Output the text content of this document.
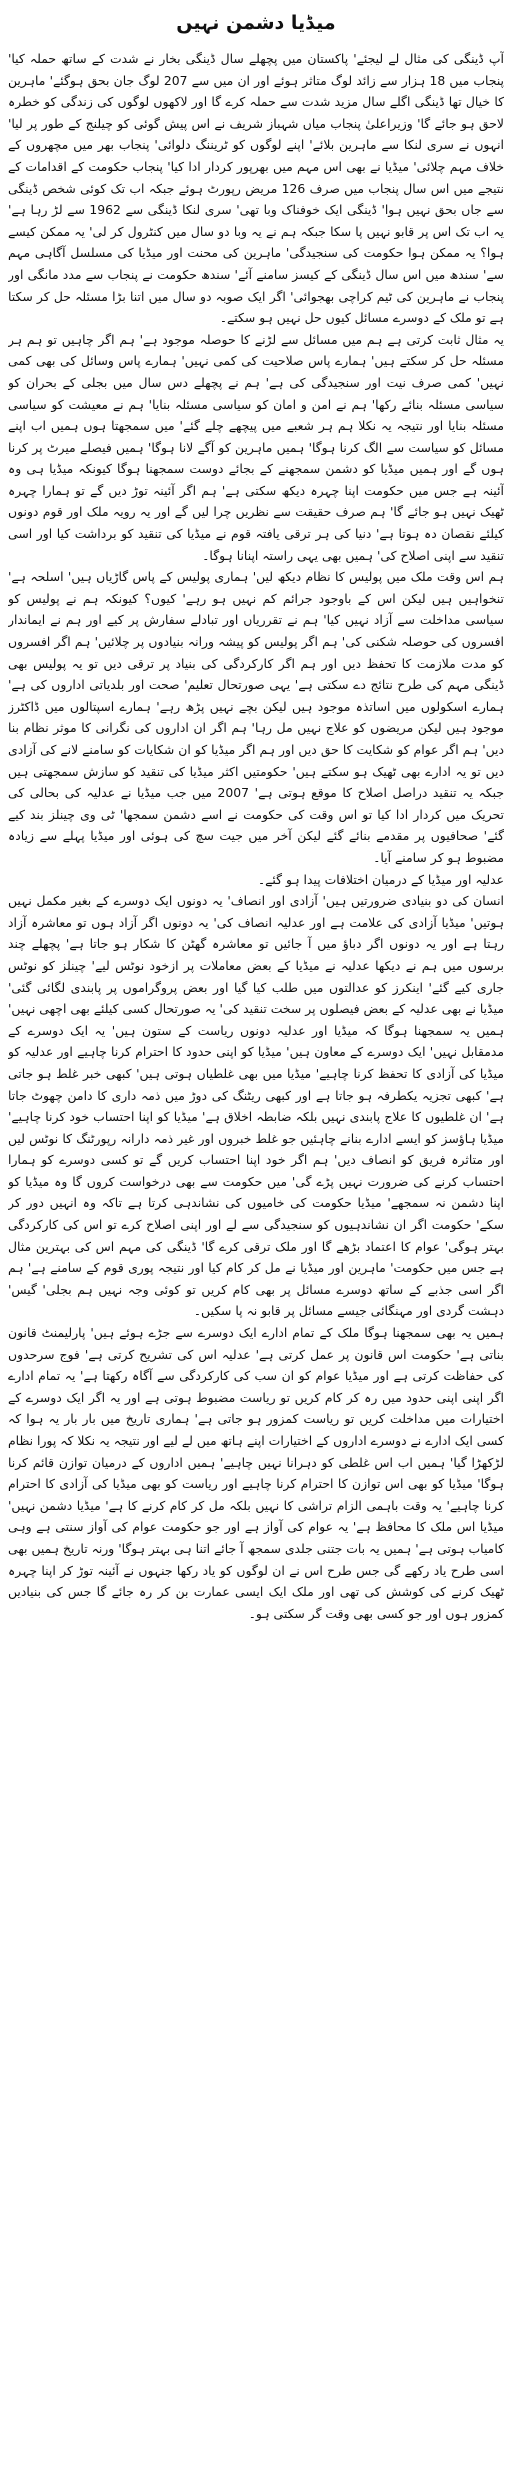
میڈیا دشمن نہیں

آپ ڈینگی کی مثال لے لیجئے' پاکستان میں پچھلے سال ڈینگی بخار نے شدت کے ساتھ حملہ کیا' پنجاب میں 18 ہزار سے زائد لوگ متاثر ہوئے اور ان میں سے 207 لوگ جان بحق ہوگئے' ماہرین کا خیال تھا ڈینگی اگلے سال مزید شدت سے حملہ کرے گا اور لاکھوں لوگوں کی زندگی کو خطرہ لاحق ہو جائے گا' وزیراعلیٰ پنجاب میاں شہباز شریف نے اس پیش گوئی کو چیلنج کے طور پر لیا' انہوں نے سری لنکا سے ماہرین بلائے' اپنے لوگوں کو ٹریننگ دلوائی' پنجاب بھر میں مچھروں کے خلاف مہم چلائی' میڈیا نے بھی اس مہم میں بھرپور کردار ادا کیا' پنجاب حکومت کے اقدامات کے نتیجے میں اس سال پنجاب میں صرف 126 مریض رپورٹ ہوئے جبکہ اب تک کوئی شخص ڈینگی سے جاں بحق نہیں ہوا' ڈینگی ایک خوفناک وبا تھی' سری لنکا ڈینگی سے 1962 سے لڑ رہا ہے' یہ اب تک اس پر قابو نہیں پا سکا جبکہ ہم نے یہ وبا دو سال میں کنٹرول کر لی' یہ ممکن کیسے ہوا؟ یہ ممکن ہوا حکومت کی سنجیدگی' ماہرین کی محنت اور میڈیا کی مسلسل آگاہی مہم سے' سندھ میں اس سال ڈینگی کے کیسز سامنے آئے' سندھ حکومت نے پنجاب سے مدد مانگی اور پنجاب نے ماہرین کی ٹیم کراچی بھجوائی' اگر ایک صوبہ دو سال میں اتنا بڑا مسئلہ حل کر سکتا ہے تو ملک کے دوسرے مسائل کیوں حل نہیں ہو سکتے۔

یہ مثال ثابت کرتی ہے ہم میں مسائل سے لڑنے کا حوصلہ موجود ہے' ہم اگر چاہیں تو ہم ہر مسئلہ حل کر سکتے ہیں' ہمارے پاس صلاحیت کی کمی نہیں' ہمارے پاس وسائل کی بھی کمی نہیں' کمی صرف نیت اور سنجیدگی کی ہے' ہم نے پچھلے دس سال میں بجلی کے بحران کو سیاسی مسئلہ بنائے رکھا' ہم نے امن و امان کو سیاسی مسئلہ بنایا' ہم نے معیشت کو سیاسی مسئلہ بنایا اور نتیجہ یہ نکلا ہم ہر شعبے میں پیچھے چلے گئے' میں سمجھتا ہوں ہمیں اب اپنے مسائل کو سیاست سے الگ کرنا ہوگا' ہمیں ماہرین کو آگے لانا ہوگا' ہمیں فیصلے میرٹ پر کرنا ہوں گے اور ہمیں میڈیا کو دشمن سمجھنے کے بجائے دوست سمجھنا ہوگا کیونکہ میڈیا ہی وہ آئینہ ہے جس میں حکومت اپنا چہرہ دیکھ سکتی ہے' ہم اگر آئینہ توڑ دیں گے تو ہمارا چہرہ ٹھیک نہیں ہو جائے گا' ہم صرف حقیقت سے نظریں چرا لیں گے اور یہ رویہ ملک اور قوم دونوں کیلئے نقصان دہ ہوتا ہے' دنیا کی ہر ترقی یافتہ قوم نے میڈیا کی تنقید کو برداشت کیا اور اسی تنقید سے اپنی اصلاح کی' ہمیں بھی یہی راستہ اپنانا ہوگا۔

ہم اس وقت ملک میں پولیس کا نظام دیکھ لیں' ہماری پولیس کے پاس گاڑیاں ہیں' اسلحہ ہے' تنخواہیں ہیں لیکن اس کے باوجود جرائم کم نہیں ہو رہے' کیوں؟ کیونکہ ہم نے پولیس کو سیاسی مداخلت سے آزاد نہیں کیا' ہم نے تقرریاں اور تبادلے سفارش پر کیے اور ہم نے ایماندار افسروں کی حوصلہ شکنی کی' ہم اگر پولیس کو پیشہ ورانہ بنیادوں پر چلائیں' ہم اگر افسروں کو مدت ملازمت کا تحفظ دیں اور ہم اگر کارکردگی کی بنیاد پر ترقی دیں تو یہ پولیس بھی ڈینگی مہم کی طرح نتائج دے سکتی ہے' یہی صورتحال تعلیم' صحت اور بلدیاتی اداروں کی ہے' ہمارے اسکولوں میں اساتذہ موجود ہیں لیکن بچے نہیں پڑھ رہے' ہمارے اسپتالوں میں ڈاکٹرز موجود ہیں لیکن مریضوں کو علاج نہیں مل رہا' ہم اگر ان اداروں کی نگرانی کا موثر نظام بنا دیں' ہم اگر عوام کو شکایت کا حق دیں اور ہم اگر میڈیا کو ان شکایات کو سامنے لانے کی آزادی دیں تو یہ ادارے بھی ٹھیک ہو سکتے ہیں' حکومتیں اکثر میڈیا کی تنقید کو سازش سمجھتی ہیں جبکہ یہ تنقید دراصل اصلاح کا موقع ہوتی ہے' 2007 میں جب میڈیا نے عدلیہ کی بحالی کی تحریک میں کردار ادا کیا تو اس وقت کی حکومت نے اسے دشمن سمجھا' ٹی وی چینلز بند کیے گئے' صحافیوں پر مقدمے بنائے گئے لیکن آخر میں جیت سچ کی ہوئی اور میڈیا پہلے سے زیادہ مضبوط ہو کر سامنے آیا۔

عدلیہ اور میڈیا کے درمیان اختلافات پیدا ہو گئے۔

انسان کی دو بنیادی ضرورتیں ہیں' آزادی اور انصاف' یہ دونوں ایک دوسرے کے بغیر مکمل نہیں ہوتیں' میڈیا آزادی کی علامت ہے اور عدلیہ انصاف کی' یہ دونوں اگر آزاد ہوں تو معاشرہ آزاد رہتا ہے اور یہ دونوں اگر دباؤ میں آ جائیں تو معاشرہ گھٹن کا شکار ہو جاتا ہے' پچھلے چند برسوں میں ہم نے دیکھا عدلیہ نے میڈیا کے بعض معاملات پر ازخود نوٹس لیے' چینلز کو نوٹس جاری کیے گئے' اینکرز کو عدالتوں میں طلب کیا گیا اور بعض پروگراموں پر پابندی لگائی گئی' میڈیا نے بھی عدلیہ کے بعض فیصلوں پر سخت تنقید کی' یہ صورتحال کسی کیلئے بھی اچھی نہیں' ہمیں یہ سمجھنا ہوگا کہ میڈیا اور عدلیہ دونوں ریاست کے ستون ہیں' یہ ایک دوسرے کے مدمقابل نہیں' ایک دوسرے کے معاون ہیں' میڈیا کو اپنی حدود کا احترام کرنا چاہیے اور عدلیہ کو میڈیا کی آزادی کا تحفظ کرنا چاہیے' میڈیا میں بھی غلطیاں ہوتی ہیں' کبھی خبر غلط ہو جاتی ہے' کبھی تجزیہ یکطرفہ ہو جاتا ہے اور کبھی ریٹنگ کی دوڑ میں ذمہ داری کا دامن چھوٹ جاتا ہے' ان غلطیوں کا علاج پابندی نہیں بلکہ ضابطہ اخلاق ہے' میڈیا کو اپنا احتساب خود کرنا چاہیے' میڈیا ہاؤسز کو ایسے ادارے بنانے چاہئیں جو غلط خبروں اور غیر ذمہ دارانہ رپورٹنگ کا نوٹس لیں اور متاثرہ فریق کو انصاف دیں' ہم اگر خود اپنا احتساب کریں گے تو کسی دوسرے کو ہمارا احتساب کرنے کی ضرورت نہیں پڑے گی' میں حکومت سے بھی درخواست کروں گا وہ میڈیا کو اپنا دشمن نہ سمجھے' میڈیا حکومت کی خامیوں کی نشاندہی کرتا ہے تاکہ وہ انہیں دور کر سکے' حکومت اگر ان نشاندہیوں کو سنجیدگی سے لے اور اپنی اصلاح کرے تو اس کی کارکردگی بہتر ہوگی' عوام کا اعتماد بڑھے گا اور ملک ترقی کرے گا' ڈینگی کی مہم اس کی بہترین مثال ہے جس میں حکومت' ماہرین اور میڈیا نے مل کر کام کیا اور نتیجہ پوری قوم کے سامنے ہے' ہم اگر اسی جذبے کے ساتھ دوسرے مسائل پر بھی کام کریں تو کوئی وجہ نہیں ہم بجلی' گیس' دہشت گردی اور مہنگائی جیسے مسائل پر قابو نہ پا سکیں۔

ہمیں یہ بھی سمجھنا ہوگا ملک کے تمام ادارے ایک دوسرے سے جڑے ہوئے ہیں' پارلیمنٹ قانون بناتی ہے' حکومت اس قانون پر عمل کرتی ہے' عدلیہ اس کی تشریح کرتی ہے' فوج سرحدوں کی حفاظت کرتی ہے اور میڈیا عوام کو ان سب کی کارکردگی سے آگاہ رکھتا ہے' یہ تمام ادارے اگر اپنی اپنی حدود میں رہ کر کام کریں تو ریاست مضبوط ہوتی ہے اور یہ اگر ایک دوسرے کے اختیارات میں مداخلت کریں تو ریاست کمزور ہو جاتی ہے' ہماری تاریخ میں بار بار یہ ہوا کہ کسی ایک ادارے نے دوسرے اداروں کے اختیارات اپنے ہاتھ میں لے لیے اور نتیجہ یہ نکلا کہ پورا نظام لڑکھڑا گیا' ہمیں اب اس غلطی کو دہرانا نہیں چاہیے' ہمیں اداروں کے درمیان توازن قائم کرنا ہوگا' میڈیا کو بھی اس توازن کا احترام کرنا چاہیے اور ریاست کو بھی میڈیا کی آزادی کا احترام کرنا چاہیے' یہ وقت باہمی الزام تراشی کا نہیں بلکہ مل کر کام کرنے کا ہے' میڈیا دشمن نہیں' میڈیا اس ملک کا محافظ ہے' یہ عوام کی آواز ہے اور جو حکومت عوام کی آواز سنتی ہے وہی کامیاب ہوتی ہے' ہمیں یہ بات جتنی جلدی سمجھ آ جائے اتنا ہی بہتر ہوگا' ورنہ تاریخ ہمیں بھی اسی طرح یاد رکھے گی جس طرح اس نے ان لوگوں کو یاد رکھا جنہوں نے آئینہ توڑ کر اپنا چہرہ ٹھیک کرنے کی کوشش کی تھی اور ملک ایک ایسی عمارت بن کر رہ جائے گا جس کی بنیادیں کمزور ہوں اور جو کسی بھی وقت گر سکتی ہو۔
